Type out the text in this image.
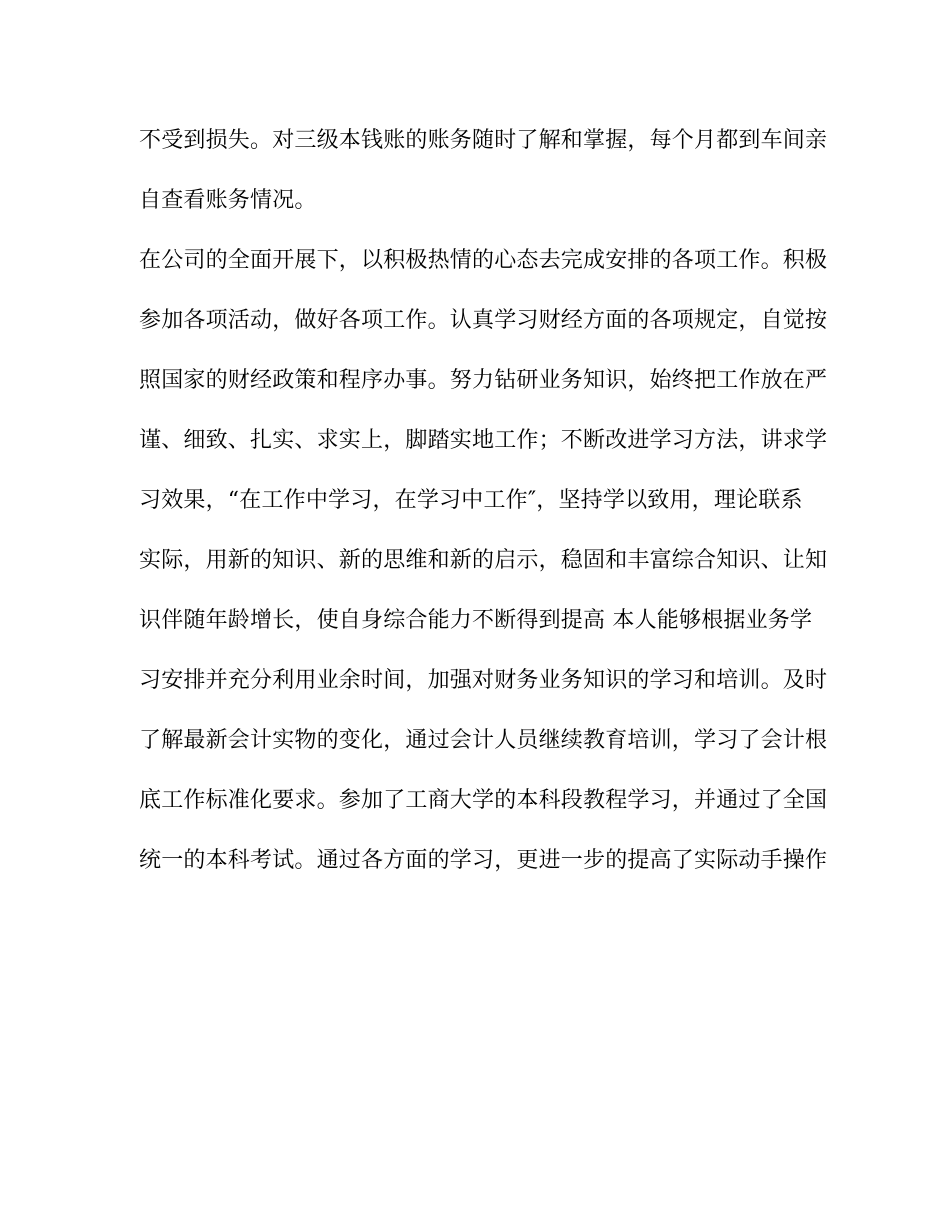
不受到损失。对三级本钱账的账务随时了解和掌握，每个月都到车间亲
自查看账务情况。
在公司的全面开展下，以积极热情的心态去完成安排的各项工作。积极
参加各项活动，做好各项工作。认真学习财经方面的各项规定，自觉按
照国家的财经政策和程序办事。努力钻研业务知识，始终把工作放在严
谨、细致、扎实、求实上，脚踏实地工作；不断改进学习方法，讲求学
习效果，“在工作中学习，在学习中工作″，坚持学以致用，理论联系
实际，用新的知识、新的思维和新的启示，稳固和丰富综合知识、让知
识伴随年龄增长，使自身综合能力不断得到提高 本人能够根据业务学
习安排并充分利用业余时间，加强对财务业务知识的学习和培训。及时
了解最新会计实物的变化，通过会计人员继续教育培训，学习了会计根
底工作标准化要求。参加了工商大学的本科段教程学习，并通过了全国
统一的本科考试。通过各方面的学习，更进一步的提高了实际动手操作
